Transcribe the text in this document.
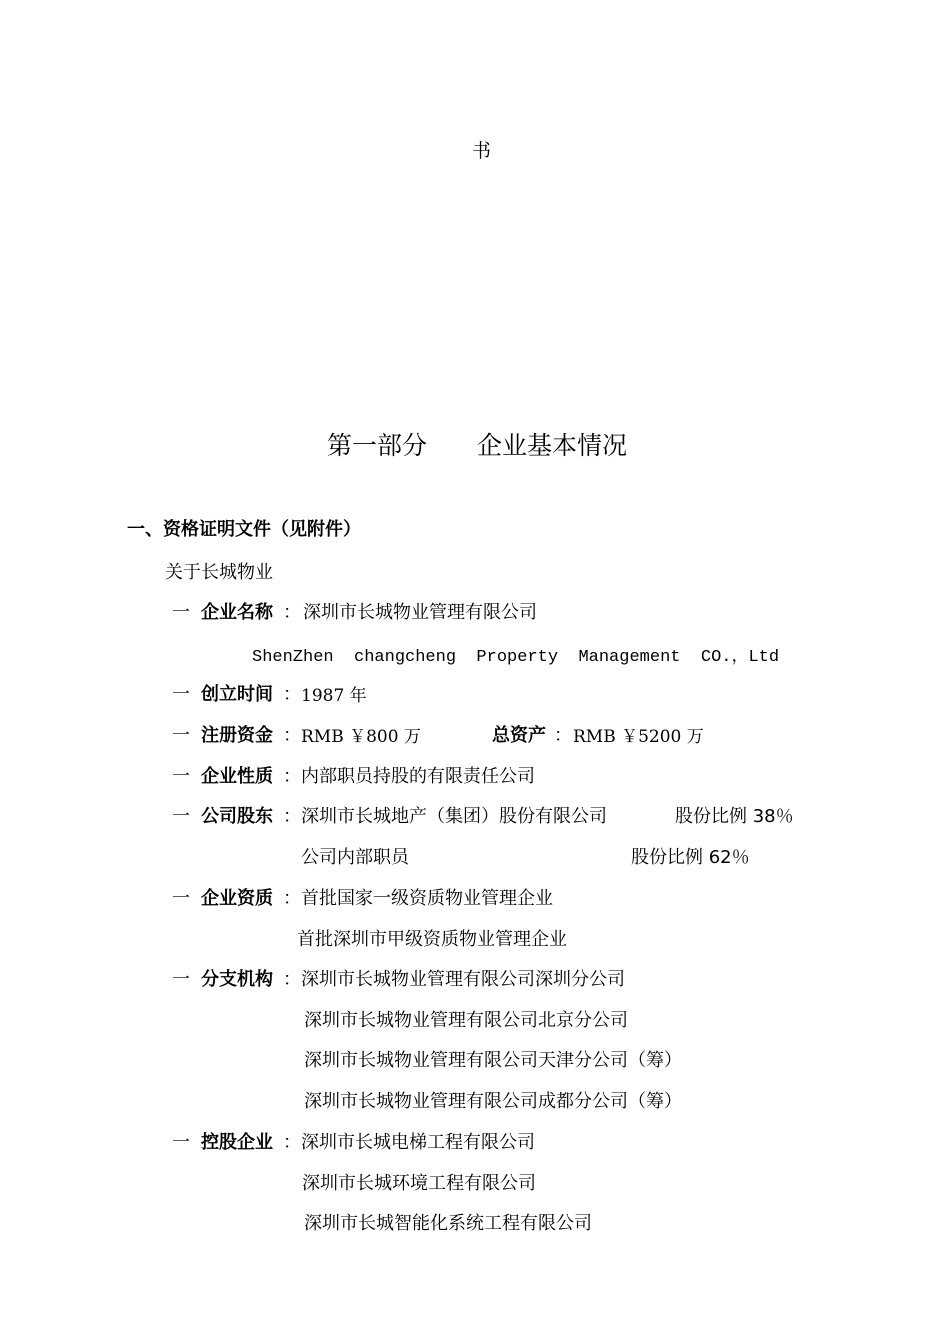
书
第一部分　　企业基本情况
一、资格证明文件（见附件）
关于长城物业
一 企业名称 ： 深圳市长城物业管理有限公司
ShenZhen  changcheng  Property  Management  CO.，Ltd
一 创立时间 ： 1987 年
一 注册资金 ： RMB ￥800 万	总资产 ： RMB ￥5200 万
一 企业性质 ： 内部职员持股的有限责任公司
一 公司股东 ： 深圳市长城地产（集团）股份有限公司	股份比例 38％
公司内部职员	股份比例 62％
一 企业资质 ： 首批国家一级资质物业管理企业
首批深圳市甲级资质物业管理企业
一 分支机构 ： 深圳市长城物业管理有限公司深圳分公司
深圳市长城物业管理有限公司北京分公司
深圳市长城物业管理有限公司天津分公司（筹）
深圳市长城物业管理有限公司成都分公司（筹）
一 控股企业 ： 深圳市长城电梯工程有限公司
深圳市长城环境工程有限公司
深圳市长城智能化系统工程有限公司
